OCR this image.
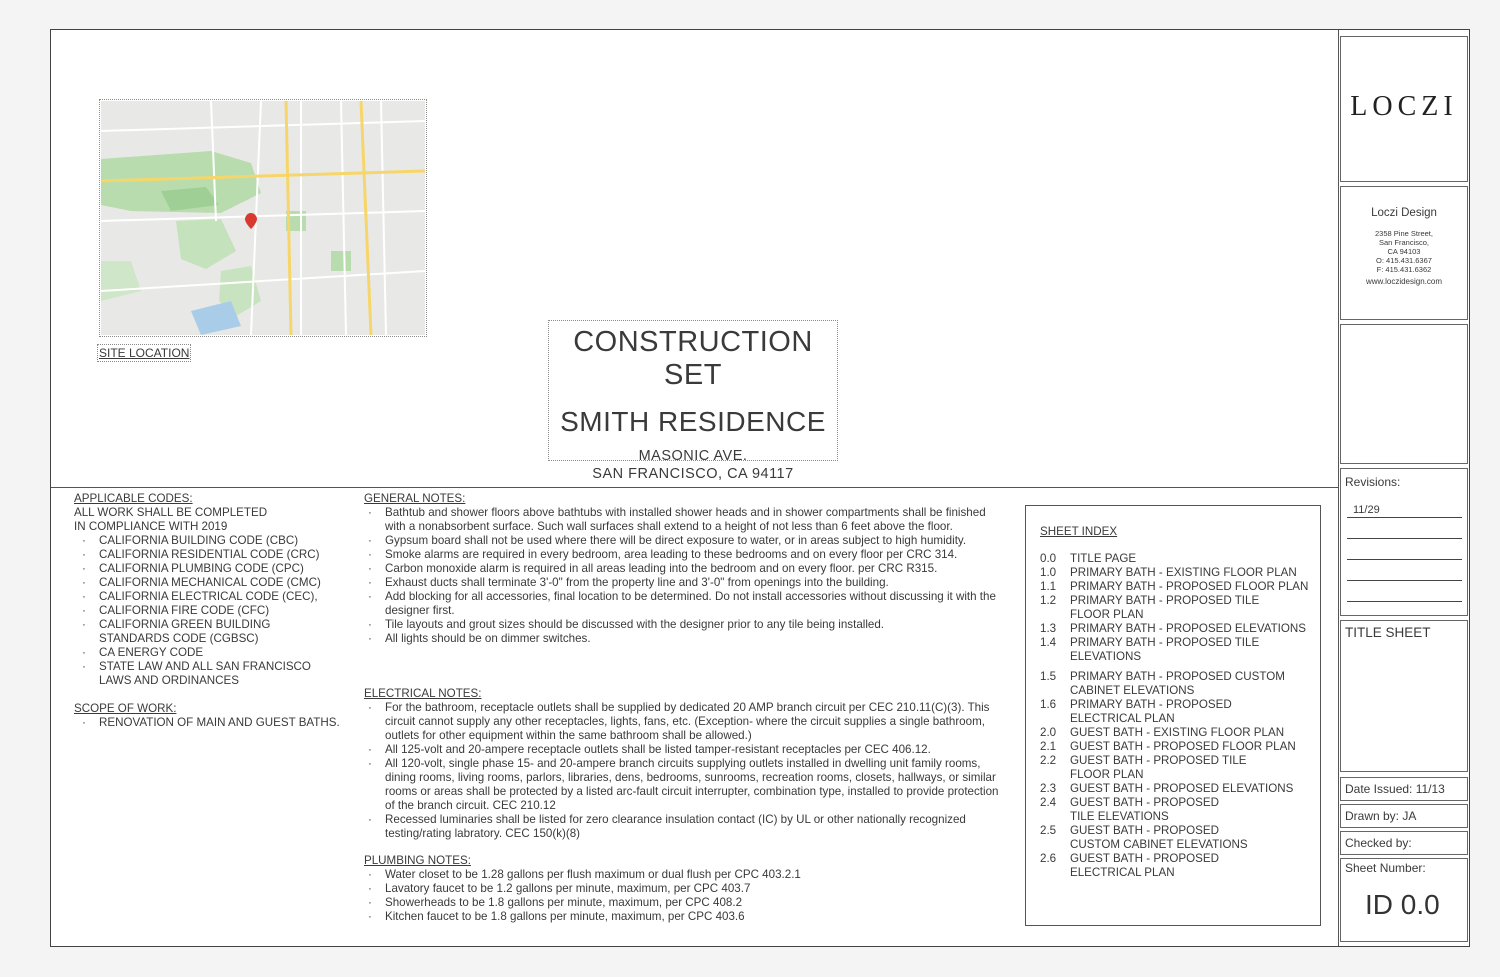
SITE LOCATION	CONSTRUCTION SET
SMITH RESIDENCE
MASONIC AVE.
SAN FRANCISCO, CA 94117
APPLICABLE CODES:
ALL WORK SHALL BE COMPLETED IN COMPLIANCE WITH 2019
· CALIFORNIA BUILDING CODE (CBC)
· CALIFORNIA RESIDENTIAL CODE (CRC)
· CALIFORNIA PLUMBING CODE (CPC)
· CALIFORNIA MECHANICAL CODE (CMC)
· CALIFORNIA ELECTRICAL CODE (CEC),
· CALIFORNIA FIRE CODE (CFC)
· CALIFORNIA GREEN BUILDING STANDARDS CODE (CGBSC)
· CA ENERGY CODE
· STATE LAW AND ALL SAN FRANCISCO LAWS AND ORDINANCES
SCOPE OF WORK:
· RENOVATION OF MAIN AND GUEST BATHS.
GENERAL NOTES:
· Bathtub and shower floors above bathtubs with installed shower heads and in shower compartments shall be finished with a nonabsorbent surface. Such wall surfaces shall extend to a height of not less than 6 feet above the floor.
· Gypsum board shall not be used where there will be direct exposure to water, or in areas subject to high humidity.
· Smoke alarms are required in every bedroom, area leading to these bedrooms and on every floor per CRC 314.
· Carbon monoxide alarm is required in all areas leading into the bedroom and on every floor. per CRC R315.
· Exhaust ducts shall terminate 3'-0" from the property line and 3'-0" from openings into the building.
· Add blocking for all accessories, final location to be determined. Do not install accessories without discussing it with the designer first.
· Tile layouts and grout sizes should be discussed with the designer prior to any tile being installed.
· All lights should be on dimmer switches.
ELECTRICAL NOTES:
· For the bathroom, receptacle outlets shall be supplied by dedicated 20 AMP branch circuit per CEC 210.11(C)(3). This circuit cannot supply any other receptacles, lights, fans, etc. (Exception- where the circuit supplies a single bathroom, outlets for other equipment within the same bathroom shall be allowed.)
· All 125-volt and 20-ampere receptacle outlets shall be listed tamper-resistant receptacles per CEC 406.12.
· All 120-volt, single phase 15- and 20-ampere branch circuits supplying outlets installed in dwelling unit family rooms, dining rooms, living rooms, parlors, libraries, dens, bedrooms, sunrooms, recreation rooms, closets, hallways, or similar rooms or areas shall be protected by a listed arc-fault circuit interrupter, combination type, installed to provide protection of the branch circuit. CEC 210.12
· Recessed luminaries shall be listed for zero clearance insulation contact (IC) by UL or other nationally recognized testing/rating labratory. CEC 150(k)(8)
PLUMBING NOTES:
· Water closet to be 1.28 gallons per flush maximum or dual flush per CPC 403.2.1
· Lavatory faucet to be 1.2 gallons per minute, maximum, per CPC 403.7
· Showerheads to be 1.8 gallons per minute, maximum, per CPC 408.2
· Kitchen faucet to be 1.8 gallons per minute, maximum, per CPC 403.6
SHEET INDEX
0.0 TITLE PAGE
1.0 PRIMARY BATH - EXISTING FLOOR PLAN
1.1 PRIMARY BATH - PROPOSED FLOOR PLAN
1.2 PRIMARY BATH - PROPOSED TILE FLOOR PLAN
1.3 PRIMARY BATH - PROPOSED ELEVATIONS
1.4 PRIMARY BATH - PROPOSED TILE ELEVATIONS
1.5 PRIMARY BATH - PROPOSED CUSTOM CABINET ELEVATIONS
1.6 PRIMARY BATH - PROPOSED ELECTRICAL PLAN
2.0 GUEST BATH - EXISTING FLOOR PLAN
2.1 GUEST BATH - PROPOSED FLOOR PLAN
2.2 GUEST BATH - PROPOSED TILE FLOOR PLAN
2.3 GUEST BATH - PROPOSED ELEVATIONS
2.4 GUEST BATH - PROPOSED TILE ELEVATIONS
2.5 GUEST BATH - PROPOSED CUSTOM CABINET ELEVATIONS
2.6 GUEST BATH - PROPOSED ELECTRICAL PLAN
LOCZI
Loczi Design
2358 Pine Street,
San Francisco,
CA 94103
O: 415.431.6367
F: 415.431.6362
www.loczidesign.com
Revisions:
11/29
TITLE SHEET
Date Issued: 11/13
Drawn by: JA
Checked by:
Sheet Number:
ID 0.0
